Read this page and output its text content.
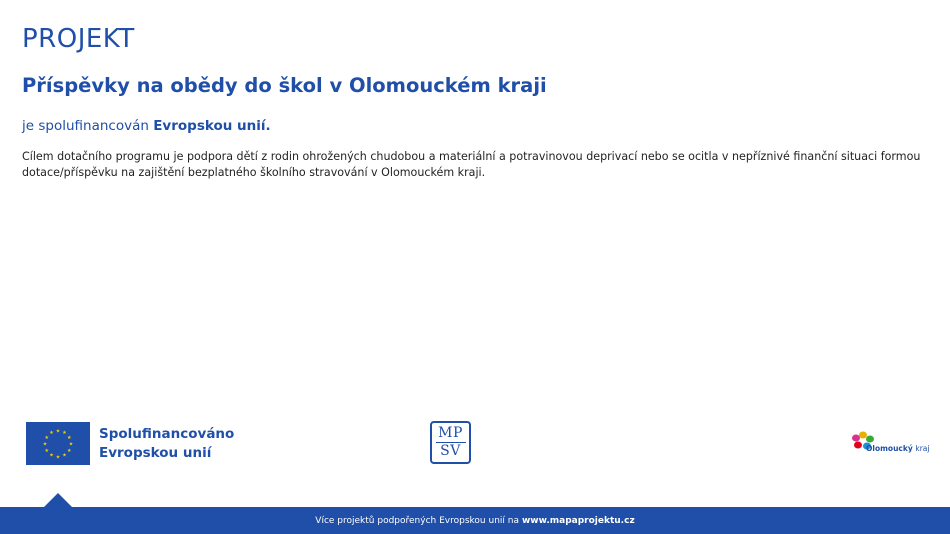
PROJEKT
Příspěvky na obědy do škol v Olomouckém kraji
je spolufinancován Evropskou unií.
Cílem dotačního programu je podpora dětí z rodin ohrožených chudobou a materiální a potravinovou deprivací nebo se ocitla v nepříznivé finanční situaci formou dotace/příspěvku na zajištění bezplatného školního stravování v Olomouckém kraji.
★ ★
★
★
★
★
★
★
★
★
★
★	Spolufinancováno
Evropskou unií
MP
SV	Olomoucký kraj
Více projektů podpořených Evropskou unií na www.mapaprojektu.cz
